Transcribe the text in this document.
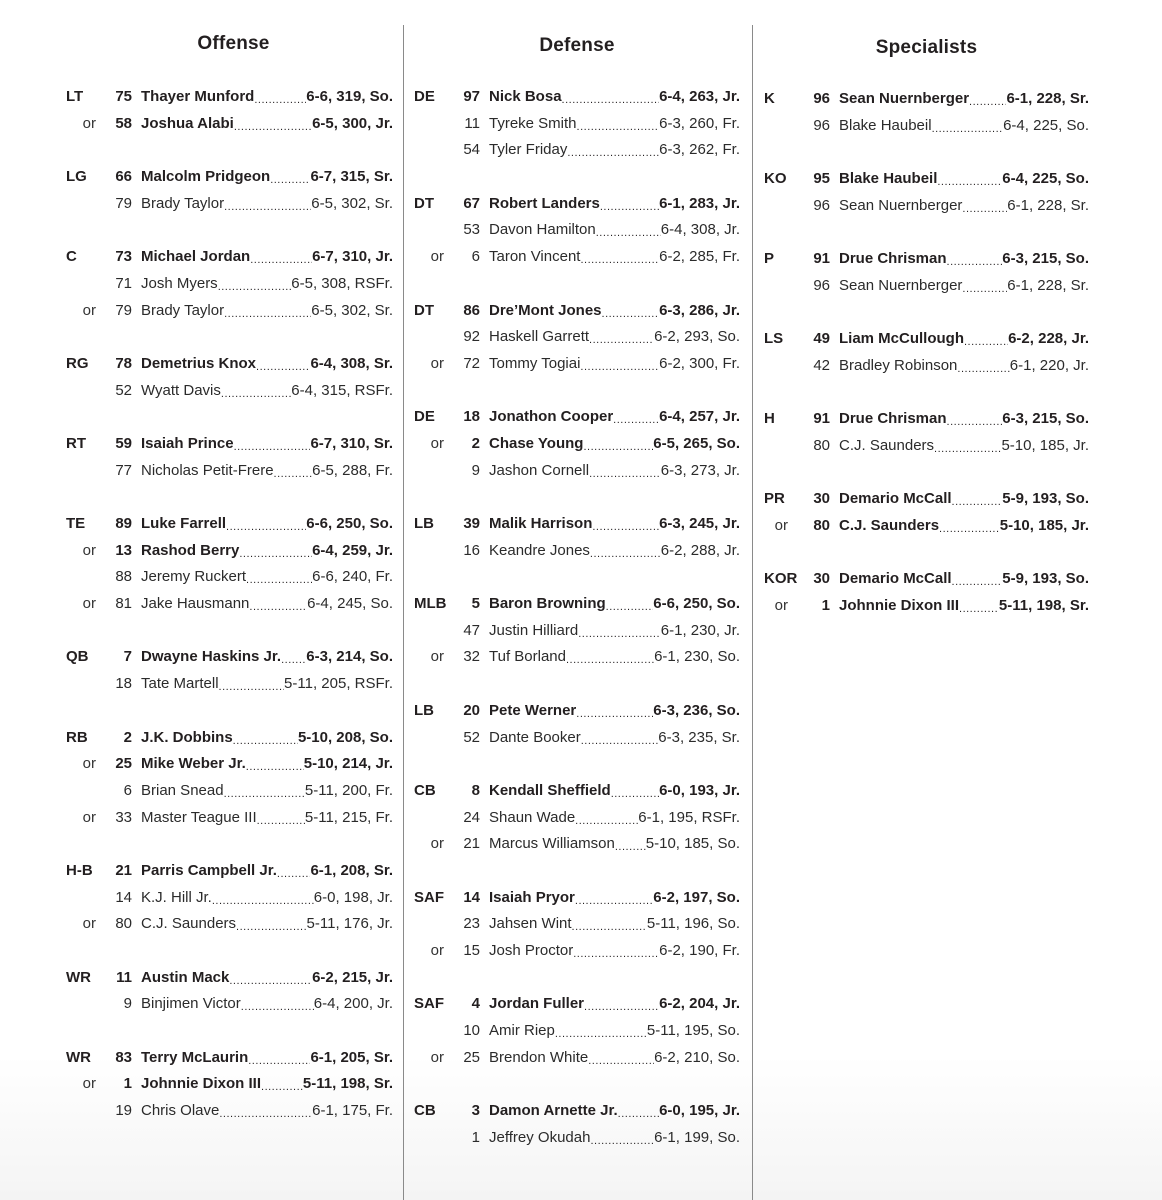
Offense
LT	75 Thayer Munford .....	6-6, 319, So.
or	58 Joshua Alabi .....	6-5, 300, Jr.
LG	66 Malcolm Pridgeon .....	6-7, 315, Sr.
79 Brady Taylor .....	6-5, 302, Sr.
C	73 Michael Jordan .....	6-7, 310, Jr.
71 Josh Myers .....	6-5, 308, RSFr.
or	79 Brady Taylor .....	6-5, 302, Sr.
RG	78 Demetrius Knox .....	6-4, 308, Sr.
52 Wyatt Davis .....	6-4, 315, RSFr.
RT	59 Isaiah Prince .....	6-7, 310, Sr.
77 Nicholas Petit-Frere .....	6-5, 288, Fr.
TE	89 Luke Farrell .....	6-6, 250, So.
or	13 Rashod Berry .....	6-4, 259, Jr.
88 Jeremy Ruckert .....	6-6, 240, Fr.
or	81 Jake Hausmann .....	6-4, 245, So.
QB	7 Dwayne Haskins Jr. ..... 6-3, 214, So.
18 Tate Martell .....	5-11, 205, RSFr.
RB	2 J.K. Dobbins .....	5-10, 208, So.
or	25 Mike Weber Jr. .....	5-10, 214, Jr.
6 Brian Snead .....	5-11, 200, Fr.
or	33 Master Teague III .....	5-11, 215, Fr.
H-B	21 Parris Campbell Jr. ..... 6-1, 208, Sr.
14 K.J. Hill Jr. .....	6-0, 198, Jr.
or	80 C.J. Saunders .....	5-11, 176, Jr.
WR	11 Austin Mack .....	6-2, 215, Jr.
9 Binjimen Victor .....	6-4, 200, Jr.
WR	83 Terry McLaurin .....	6-1, 205, Sr.
or	1 Johnnie Dixon III .....	5-11, 198, Sr.
19 Chris Olave .....	6-1, 175, Fr.
Defense
DE	97 Nick Bosa .....	6-4, 263, Jr.
11 Tyreke Smith .....	6-3, 260, Fr.
54 Tyler Friday .....	6-3, 262, Fr.
DT	67 Robert Landers .....	6-1, 283, Jr.
53 Davon Hamilton .....	6-4, 308, Jr.
or	6 Taron Vincent .....	6-2, 285, Fr.
DT	86 Dre’Mont Jones .....	6-3, 286, Jr.
92 Haskell Garrett .....	6-2, 293, So.
or	72 Tommy Togiai .....	6-2, 300, Fr.
DE	18 Jonathon Cooper .....	6-4, 257, Jr.
or	2 Chase Young .....	6-5, 265, So.
9 Jashon Cornell .....	6-3, 273, Jr.
LB	39 Malik Harrison .....	6-3, 245, Jr.
16 Keandre Jones .....	6-2, 288, Jr.
MLB	5 Baron Browning .....	6-6, 250, So.
47 Justin Hilliard .....	6-1, 230, Jr.
or	32 Tuf Borland .....	6-1, 230, So.
LB	20 Pete Werner .....	6-3, 236, So.
52 Dante Booker .....	6-3, 235, Sr.
CB	8 Kendall Sheffield .....	6-0, 193, Jr.
24 Shaun Wade .....	6-1, 195, RSFr.
or	21 Marcus Williamson ..... 5-10, 185, So.
SAF	14 Isaiah Pryor .....	6-2, 197, So.
23 Jahsen Wint .....	5-11, 196, So.
or	15 Josh Proctor .....	6-2, 190, Fr.
SAF	4 Jordan Fuller .....	6-2, 204, Jr.
10 Amir Riep .....	5-11, 195, So.
or	25 Brendon White .....	6-2, 210, So.
CB	3 Damon Arnette Jr. .....	6-0, 195, Jr.
1 Jeffrey Okudah .....	6-1, 199, So.
Specialists
K	96 Sean Nuernberger ..... 6-1, 228, Sr.
96 Blake Haubeil .....	6-4, 225, So.
KO	95 Blake Haubeil .....	6-4, 225, So.
96 Sean Nuernberger .....	6-1, 228, Sr.
P	91 Drue Chrisman .....	6-3, 215, So.
96 Sean Nuernberger .....	6-1, 228, Sr.
LS	49 Liam McCullough .....	6-2, 228, Jr.
42 Bradley Robinson .....	6-1, 220, Jr.
H	91 Drue Chrisman .....	6-3, 215, So.
80 C.J. Saunders .....	5-10, 185, Jr.
PR	30 Demario McCall .....	5-9, 193, So.
or	80 C.J. Saunders .....	5-10, 185, Jr.
KOR	30 Demario McCall .....	5-9, 193, So.
or	1 Johnnie Dixon III .....	5-11, 198, Sr.
